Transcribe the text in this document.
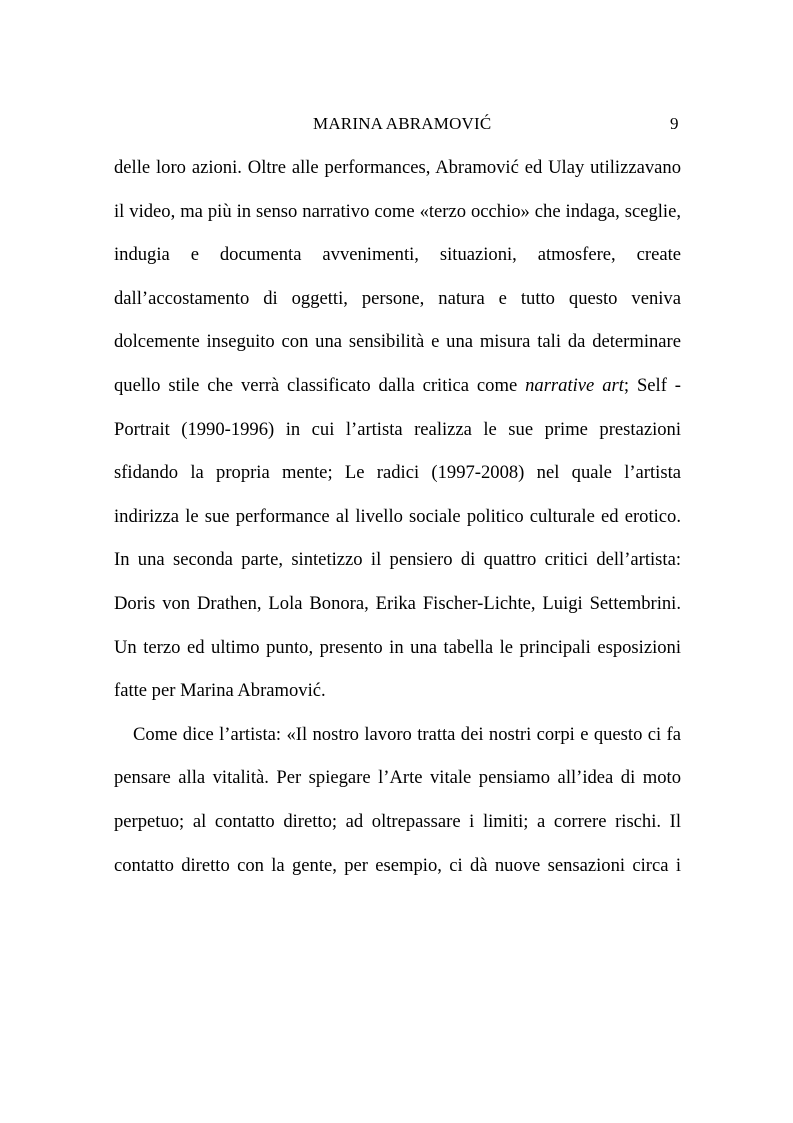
MARINA ABRAMOVIĆ	9
delle loro azioni. Oltre alle performances, Abramović ed Ulay utilizzavano
il video, ma più in senso narrativo come «terzo occhio» che indaga, sceglie,
indugia e documenta avvenimenti, situazioni, atmosfere, create
dall’accostamento di oggetti, persone, natura e tutto questo veniva
dolcemente inseguito con una sensibilità e una misura tali da determinare
quello stile che verrà classificato dalla critica come narrative art; Self -
Portrait (1990-1996) in cui l’artista realizza le sue prime prestazioni
sfidando la propria mente; Le radici (1997-2008) nel quale l’artista
indirizza le sue performance al livello sociale politico culturale ed erotico.
In una seconda parte, sintetizzo il pensiero di quattro critici dell’artista:
Doris von Drathen, Lola Bonora, Erika Fischer-Lichte, Luigi Settembrini.
Un terzo ed ultimo punto, presento in una tabella le principali esposizioni
fatte per Marina Abramović.
Come dice l’artista: «Il nostro lavoro tratta dei nostri corpi e questo ci fa
pensare alla vitalità. Per spiegare l’Arte vitale pensiamo all’idea di moto
perpetuo; al contatto diretto; ad oltrepassare i limiti; a correre rischi. Il
contatto diretto con la gente, per esempio, ci dà nuove sensazioni circa i
